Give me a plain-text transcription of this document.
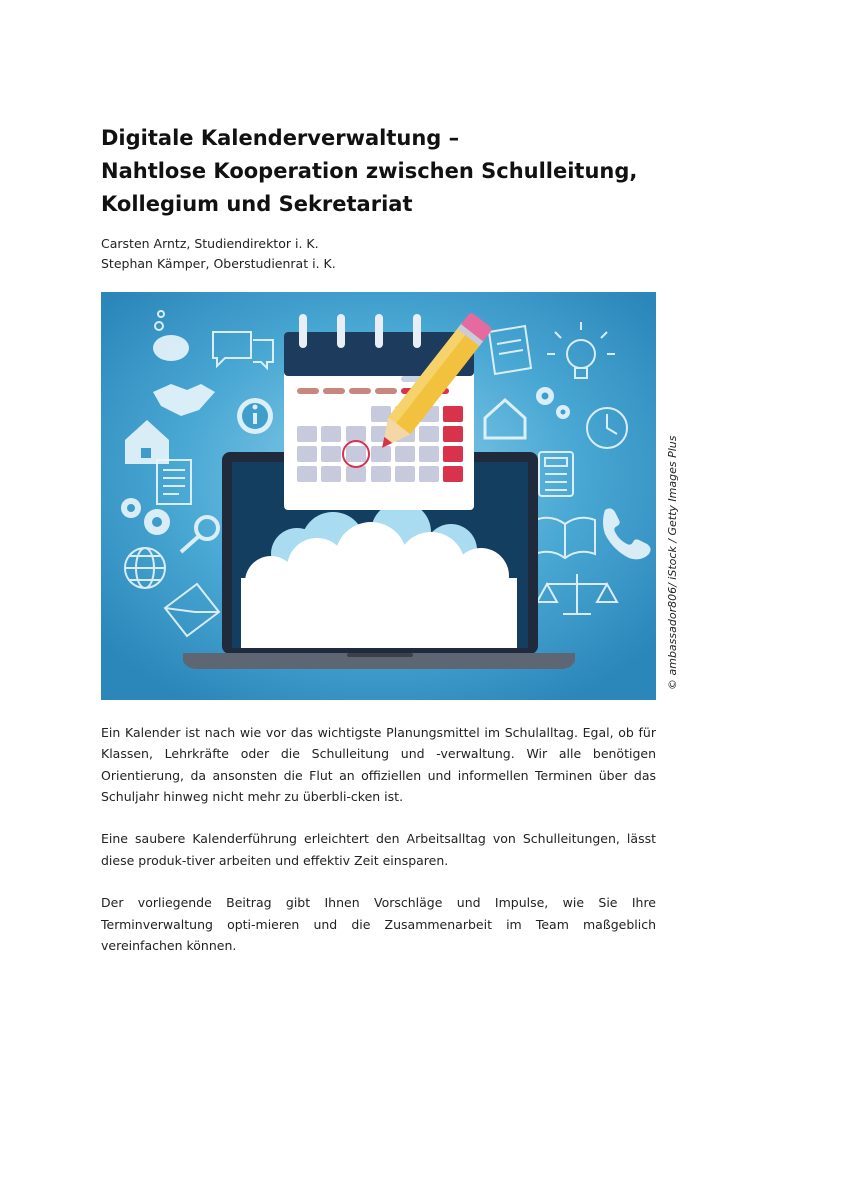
Digitale Kalenderverwaltung –
Nahtlose Kooperation zwischen Schulleitung,
Kollegium und Sekretariat
Carsten Arntz, Studiendirektor i. K.
Stephan Kämper, Oberstudienrat i. K.
© ambassador806/ iStock / Getty Images Plus

Ein Kalender ist nach wie vor das wichtigste Planungsmittel im Schulalltag. Egal, ob für Klassen, Lehrkräfte oder die Schulleitung und -verwaltung. Wir alle benötigen Orientierung, da ansonsten die Flut an offiziellen und informellen Terminen über das Schuljahr hinweg nicht mehr zu überbli-cken ist.

Eine saubere Kalenderführung erleichtert den Arbeitsalltag von Schulleitungen, lässt diese produk-tiver arbeiten und effektiv Zeit einsparen.

Der vorliegende Beitrag gibt Ihnen Vorschläge und Impulse, wie Sie Ihre Terminverwaltung opti-mieren und die Zusammenarbeit im Team maßgeblich vereinfachen können.
